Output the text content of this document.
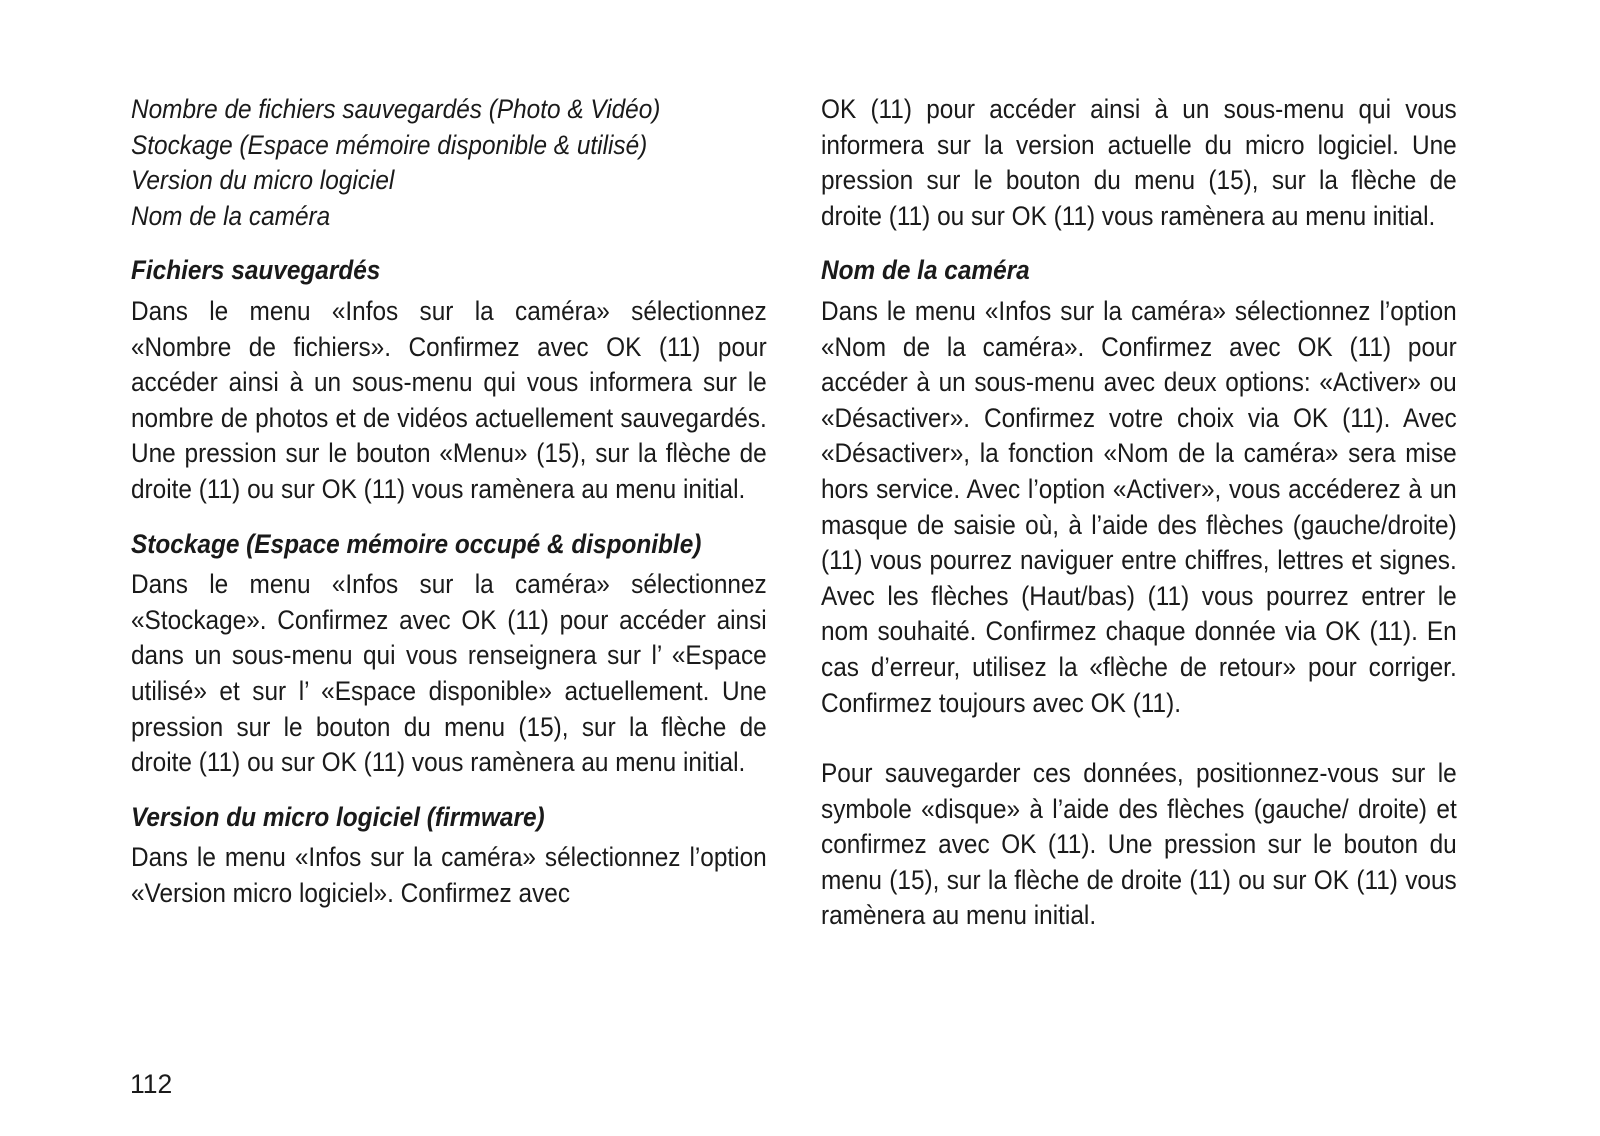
Nombre de fichiers sauvegardés (Photo & Vidéo)
Stockage (Espace mémoire disponible & utilisé)
Version du micro logiciel
Nom de la caméra
Fichiers sauvegardés
Dans le menu «Infos sur la caméra» sélectionnez «Nombre de fichiers». Confirmez avec OK (11) pour accéder ainsi à un sous-menu qui vous informera sur le nombre de photos et de vidéos actuellement sauvegardés. Une pression sur le bouton «Menu» (15), sur la flèche de droite (11) ou sur OK (11) vous ramènera au menu initial.
Stockage (Espace mémoire occupé & disponible)
Dans le menu «Infos sur la caméra» sélectionnez «Stockage». Confirmez avec OK (11) pour accéder ainsi dans un sous-menu qui vous renseignera sur l’ «Espace utilisé» et sur l’ «Espace disponible» actuellement. Une pression sur le bouton du menu (15), sur la flèche de droite (11) ou sur OK (11) vous ramènera au menu initial.
Version du micro logiciel (firmware)
Dans le menu «Infos sur la caméra» sélectionnez l’option «Version micro logiciel». Confirmez avec
OK (11) pour accéder ainsi à un sous-menu qui vous informera sur la version actuelle du micro logiciel. Une pression sur le bouton du menu (15), sur la flèche de droite (11) ou sur OK (11) vous ramènera au menu initial.
Nom de la caméra
Dans le menu «Infos sur la caméra» sélectionnez l’option «Nom de la caméra». Confirmez avec OK (11) pour accéder à un sous-menu avec deux options: «Activer» ou «Désactiver». Confirmez votre choix via OK (11). Avec «Désactiver», la fonction «Nom de la caméra» sera mise hors service. Avec l’option «Activer», vous accéderez à un masque de saisie où, à l’aide des flèches (gauche/droite) (11) vous pourrez naviguer entre chiffres, lettres et signes. Avec les flèches (Haut/bas) (11) vous pourrez entrer le nom souhaité. Confirmez chaque donnée via OK (11). En cas d’erreur, utilisez la «flèche de retour» pour corriger. Confirmez toujours avec OK (11).
Pour sauvegarder ces données, positionnez-vous sur le symbole «disque» à l’aide des flèches (gauche/ droite) et confirmez avec OK (11). Une pression sur le bouton du menu (15), sur la flèche de droite (11) ou sur OK (11) vous ramènera au menu initial.
112
